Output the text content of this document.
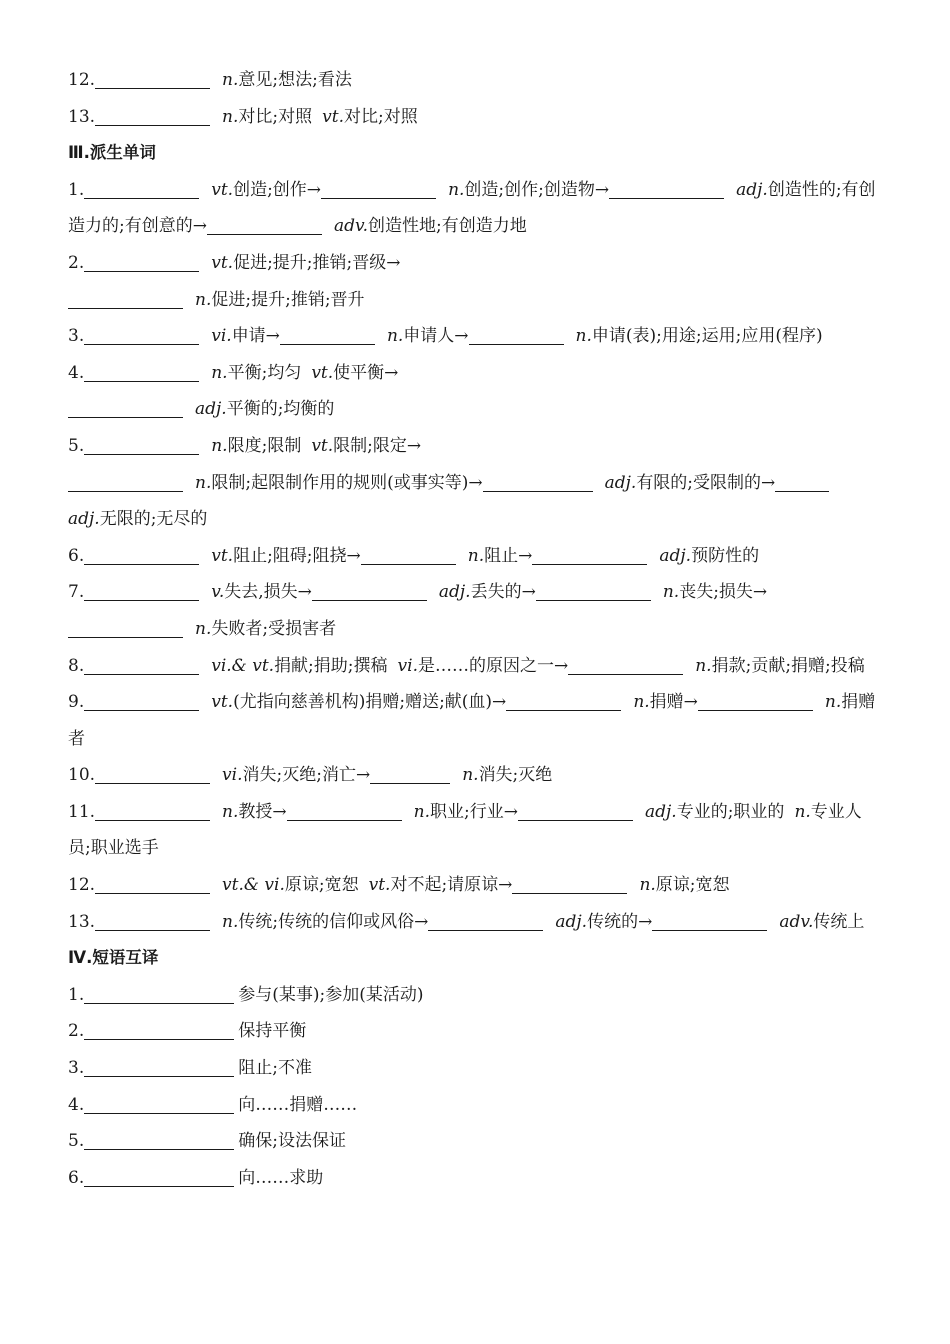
12.	n.意见;想法;看法
13.	n.对比;对照 vt.对比;对照
Ⅲ.派生单词
1.	vt.创造;创作→	n.创造;创作;创造物→	adj.创造性的;有创造力的;有创意的→	adv.创造性地;有创造力地
2.	vt.促进;提升;推销;晋级→
n.促进;提升;推销;晋升
3.	vi.申请→	n.申请人→	n.申请(表);用途;运用;应用(程序)
4.	n.平衡;均匀 vt.使平衡→
adj.平衡的;均衡的
5.	n.限度;限制 vt.限制;限定→
n.限制;起限制作用的规则(或事实等)→	adj.有限的;受限制的→
adj.无限的;无尽的
6.	vt.阻止;阻碍;阻挠→	n.阻止→	adj.预防性的
7.	v.失去,损失→	adj.丢失的→	n.丧失;损失→
n.失败者;受损害者
8.	vi.& vt.捐献;捐助;撰稿 vi.是……的原因之一→	n.捐款;贡献;捐赠;投稿
9.	vt.(尤指向慈善机构)捐赠;赠送;献(血)→	n.捐赠→	n.捐赠者
10.	vi.消失;灭绝;消亡→	n.消失;灭绝
11.	n.教授→	n.职业;行业→	adj.专业的;职业的 n.专业人员;职业选手
12.	vt.& vi.原谅;宽恕 vt.对不起;请原谅→	n.原谅;宽恕
13.	n.传统;传统的信仰或风俗→	adj.传统的→	adv.传统上
Ⅳ.短语互译
1.	参与(某事);参加(某活动)
2.	保持平衡
3.	阻止;不准
4.	向……捐赠……
5.	确保;设法保证
6.	向……求助
